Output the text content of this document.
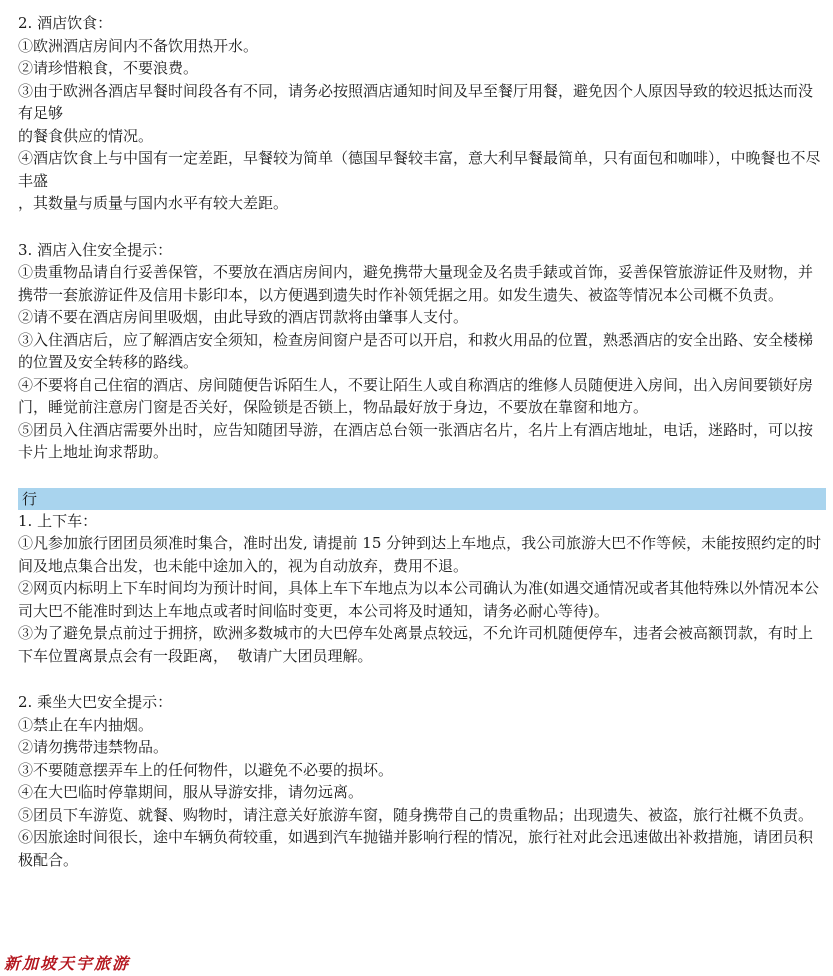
2. 酒店饮食：

①欧洲酒店房间内不备饮用热开水。

②请珍惜粮食，不要浪费。

③由于欧洲各酒店早餐时间段各有不同，请务必按照酒店通知时间及早至餐厅用餐，避免因个人原因导致的较迟抵达而没有足够

的餐食供应的情况。

④酒店饮食上与中国有一定差距，早餐较为简单（德国早餐较丰富，意大利早餐最简单，只有面包和咖啡），中晚餐也不尽丰盛

，其数量与质量与国内水平有较大差距。

3. 酒店入住安全提示：

①贵重物品请自行妥善保管，不要放在酒店房间内，避免携带大量现金及名贵手錶或首饰，妥善保管旅游证件及财物，并携带一套旅游证件及信用卡影印本，以方便遇到遗失时作补领凭据之用。如发生遗失、被盗等情况本公司概不负责。

②请不要在酒店房间里吸烟，由此导致的酒店罚款将由肇事人支付。

③入住酒店后，应了解酒店安全须知，检查房间窗户是否可以开启，和救火用品的位置，熟悉酒店的安全出路、安全楼梯的位置及安全转移的路线。

④不要将自己住宿的酒店、房间随便告诉陌生人，不要让陌生人或自称酒店的维修人员随便进入房间，出入房间要锁好房门，睡觉前注意房门窗是否关好，保险锁是否锁上，物品最好放于身边，不要放在靠窗和地方。

⑤团员入住酒店需要外出时，应告知随团导游，在酒店总台领一张酒店名片，名片上有酒店地址，电话，迷路时，可以按卡片上地址询求帮助。

行

1. 上下车：

①凡参加旅行团团员须准时集合，准时出发, 请提前 15 分钟到达上车地点，我公司旅游大巴不作等候，未能按照约定的时间及地点集合出发，也未能中途加入的，视为自动放弃，费用不退。

②网页内标明上下车时间均为预计时间，具体上车下车地点为以本公司确认为准(如遇交通情况或者其他特殊以外情况本公司大巴不能准时到达上车地点或者时间临时变更，本公司将及时通知，请务必耐心等待)。

③为了避免景点前过于拥挤，欧洲多数城市的大巴停车处离景点较远，不允许司机随便停车，违者会被高额罚款，有时上下车位置离景点会有一段距离，  敬请广大团员理解。

2. 乘坐大巴安全提示：

①禁止在车内抽烟。

②请勿携带违禁物品。

③不要随意摆弄车上的任何物件，以避免不必要的损坏。

④在大巴临时停靠期间，服从导游安排，请勿远离。

⑤团员下车游览、就餐、购物时，请注意关好旅游车窗，随身携带自己的贵重物品；出现遗失、被盗，旅行社概不负责。

⑥因旅途时间很长，途中车辆负荷较重，如遇到汽车抛锚并影响行程的情况，旅行社对此会迅速做出补救措施，请团员积极配合。

新加坡天宇旅游
